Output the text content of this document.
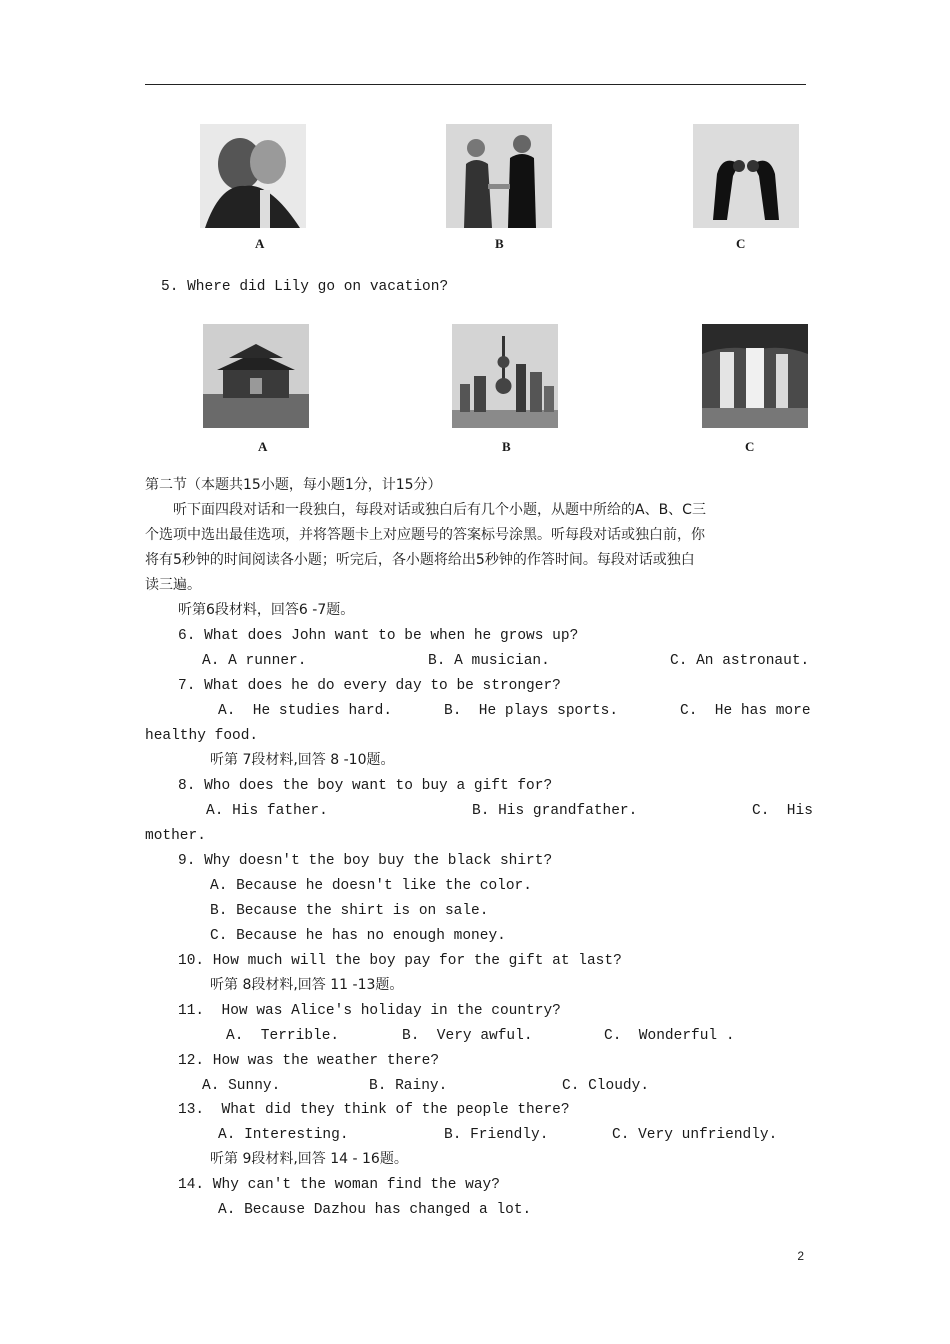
A	B	C
5. Where did Lily go on vacation?
A	B	C
第二节（本题共15小题，每小题1分，计15分）
听下面四段对话和一段独白，每段对话或独白后有几个小题，从题中所给的A、B、C三
个选项中选出最佳选项，并将答题卡上对应题号的答案标号涂黑。听每段对话或独白前，你
将有5秒钟的时间阅读各小题；听完后，各小题将给出5秒钟的作答时间。每段对话或独白
读三遍。
听第6段材料，回答6 -7题。
6. What does John want to be when he grows up?
A. A runner.	B. A musician.	C. An astronaut.
7. What does he do every day to be stronger?
A.  He studies hard.	B.  He plays sports.	C.  He has more
healthy food.
听第 7段材料,回答 8 -10题。
8. Who does the boy want to buy a gift for?
A. His father.	B. His grandfather.	C.  His
mother.
9. Why doesn't the boy buy the black shirt?
A. Because he doesn't like the color.
B. Because the shirt is on sale.
C. Because he has no enough money.
10. How much will the boy pay for the gift at last?
听第 8段材料,回答 11 -13题。
11.  How was Alice's holiday in the country?
A.  Terrible.	B.  Very awful.	C.  Wonderful .
12. How was the weather there?
A. Sunny.	B. Rainy.	C. Cloudy.
13.  What did they think of the people there?
A. Interesting.	B. Friendly.	C. Very unfriendly.
听第 9段材料,回答 14 - 16题。
14. Why can't the woman find the way?
A. Because Dazhou has changed a lot.
2
